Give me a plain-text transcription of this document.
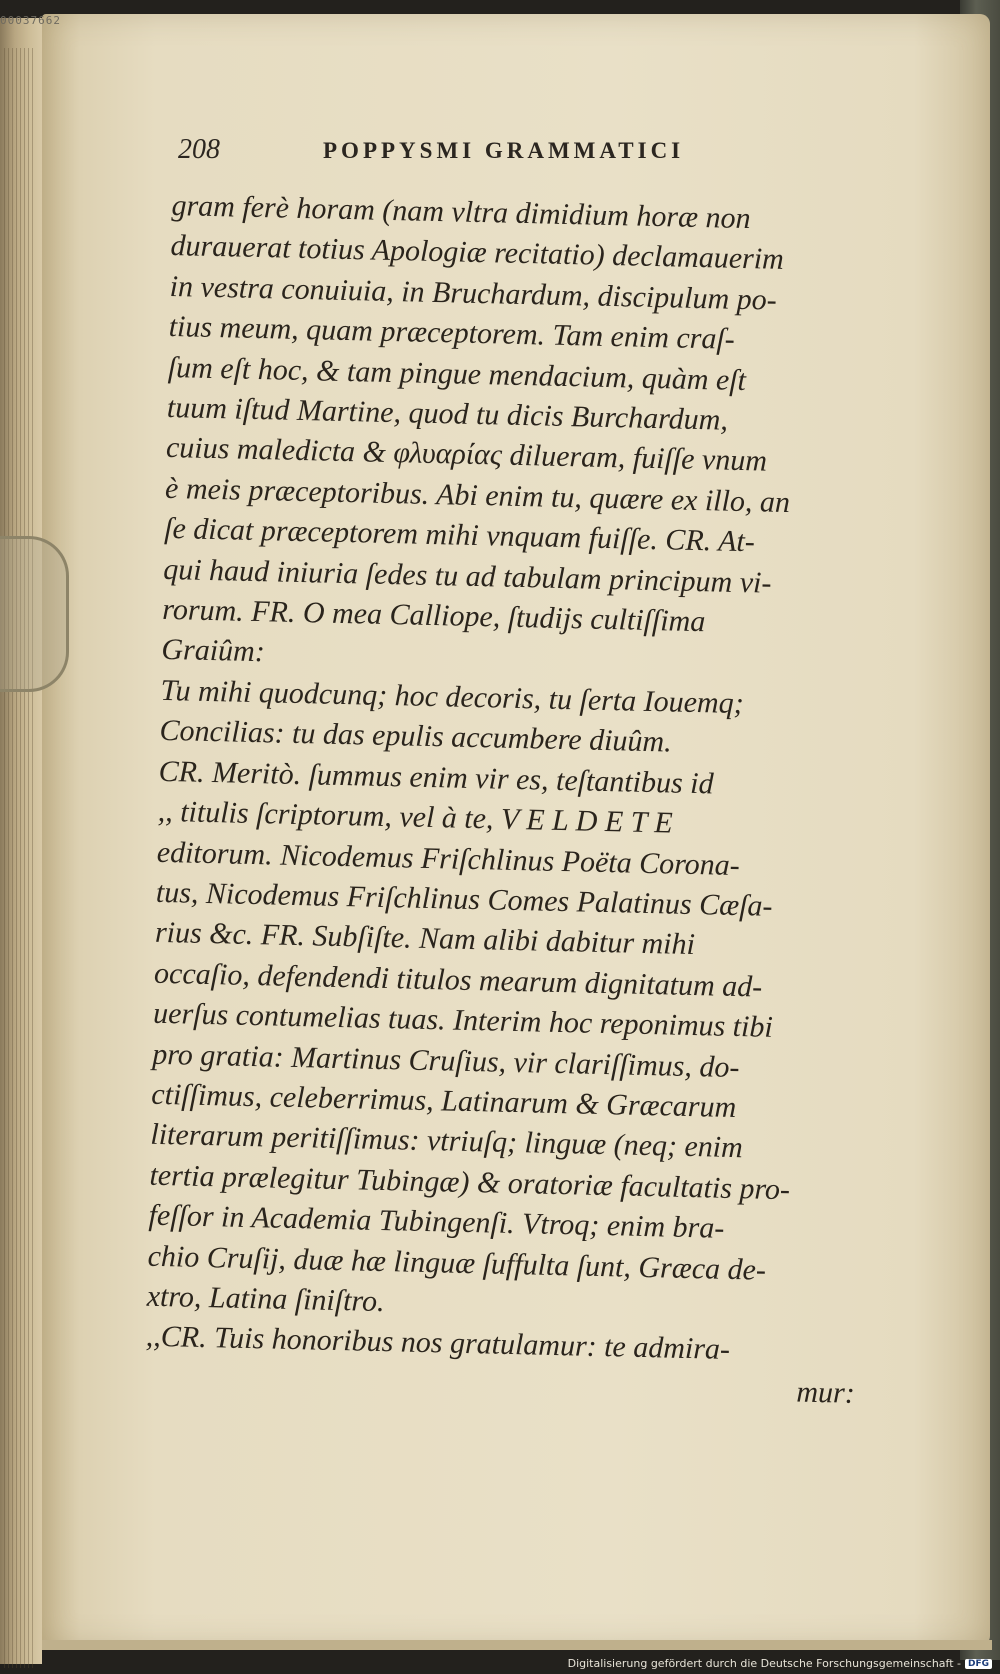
00037662
208	POPPYSMI GRAMMATICI
gram ferè horam (nam vltra dimidium horæ non
durauerat totius Apologiæ recitatio) declamauerim
in vestra conuiuia, in Bruchardum, discipulum po-
tius meum, quam præceptorem. Tam enim craſ-
ſum eſt hoc, & tam pingue mendacium, quàm eſt
tuum iſtud Martine, quod tu dicis Burchardum,
cuius maledicta & φλυαρίας dilueram, fuiſſe vnum
è meis præceptoribus. Abi enim tu, quære ex illo, an
ſe dicat præceptorem mihi vnquam fuiſſe. CR. At-
qui haud iniuria ſedes tu ad tabulam principum vi-
rorum. FR. O mea Calliope, ſtudijs cultiſſima
Graiûm:
Tu mihi quodcunq; hoc decoris, tu ſerta Iouemq;
Concilias: tu das epulis accumbere diuûm.
CR. Meritò. ſummus enim vir es, teſtantibus id
,, titulis ſcriptorum, vel à te, V E L D E T E
editorum. Nicodemus Friſchlinus Poëta Corona-
tus, Nicodemus Friſchlinus Comes Palatinus Cæſa-
rius &c. FR. Subſiſte. Nam alibi dabitur mihi
occaſio, defendendi titulos mearum dignitatum ad-
uerſus contumelias tuas. Interim hoc reponimus tibi
pro gratia: Martinus Cruſius, vir clariſſimus, do-
ctiſſimus, celeberrimus, Latinarum & Græcarum
literarum peritiſſimus: vtriuſq; linguæ (neq; enim
tertia prælegitur Tubingæ) & oratoriæ facultatis pro-
feſſor in Academia Tubingenſi. Vtroq; enim bra-
chio Cruſij, duæ hæ linguæ ſuffulta ſunt, Græca de-
xtro, Latina ſiniſtro.
,,CR. Tuis honoribus nos gratulamur: te admira-
mur:
Digitalisierung gefördert durch die Deutsche Forschungsgemeinschaft - DFG
